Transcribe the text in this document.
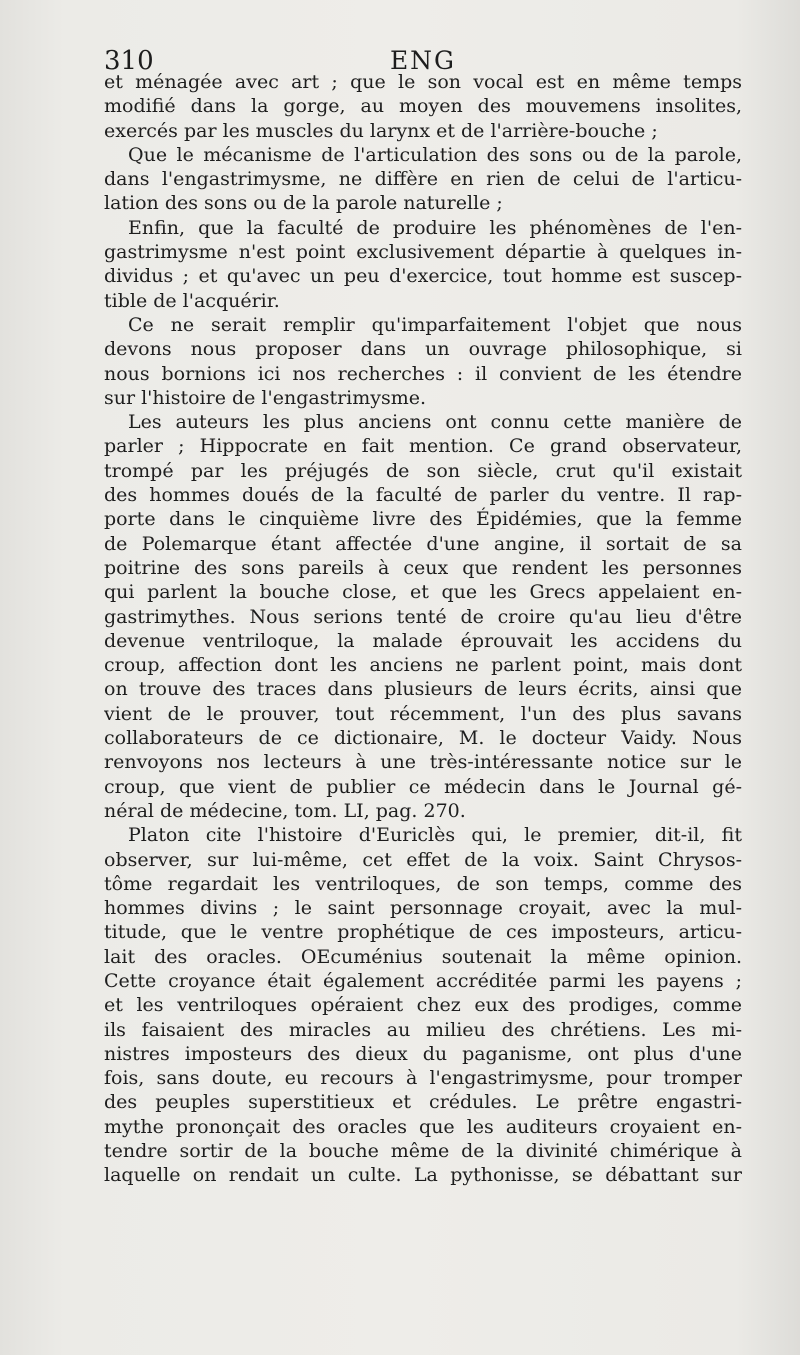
310	ENG
et ménagée avec art ; que le son vocal est en même temps
modifié dans la gorge, au moyen des mouvemens insolites,
exercés par les muscles du larynx et de l'arrière-bouche ;
Que le mécanisme de l'articulation des sons ou de la parole,
dans l'engastrimysme, ne diffère en rien de celui de l'articu-
lation des sons ou de la parole naturelle ;
Enfin, que la faculté de produire les phénomènes de l'en-
gastrimysme n'est point exclusivement départie à quelques in-
dividus ; et qu'avec un peu d'exercice, tout homme est suscep-
tible de l'acquérir.
Ce ne serait remplir qu'imparfaitement l'objet que nous
devons nous proposer dans un ouvrage philosophique, si
nous bornions ici nos recherches : il convient de les étendre
sur l'histoire de l'engastrimysme.
Les auteurs les plus anciens ont connu cette manière de
parler ; Hippocrate en fait mention. Ce grand observateur,
trompé par les préjugés de son siècle, crut qu'il existait
des hommes doués de la faculté de parler du ventre. Il rap-
porte dans le cinquième livre des Épidémies, que la femme
de Polemarque étant affectée d'une angine, il sortait de sa
poitrine des sons pareils à ceux que rendent les personnes
qui parlent la bouche close, et que les Grecs appelaient en-
gastrimythes. Nous serions tenté de croire qu'au lieu d'être
devenue ventriloque, la malade éprouvait les accidens du
croup, affection dont les anciens ne parlent point, mais dont
on trouve des traces dans plusieurs de leurs écrits, ainsi que
vient de le prouver, tout récemment, l'un des plus savans
collaborateurs de ce dictionaire, M. le docteur Vaidy. Nous
renvoyons nos lecteurs à une très-intéressante notice sur le
croup, que vient de publier ce médecin dans le Journal gé-
néral de médecine, tom. LI, pag. 270.
Platon cite l'histoire d'Euriclès qui, le premier, dit-il, fit
observer, sur lui-même, cet effet de la voix. Saint Chrysos-
tôme regardait les ventriloques, de son temps, comme des
hommes divins ; le saint personnage croyait, avec la mul-
titude, que le ventre prophétique de ces imposteurs, articu-
lait des oracles. OEcuménius soutenait la même opinion.
Cette croyance était également accréditée parmi les payens ;
et les ventriloques opéraient chez eux des prodiges, comme
ils faisaient des miracles au milieu des chrétiens. Les mi-
nistres imposteurs des dieux du paganisme, ont plus d'une
fois, sans doute, eu recours à l'engastrimysme, pour tromper
des peuples superstitieux et crédules. Le prêtre engastri-
mythe prononçait des oracles que les auditeurs croyaient en-
tendre sortir de la bouche même de la divinité chimérique à
laquelle on rendait un culte. La pythonisse, se débattant sur
